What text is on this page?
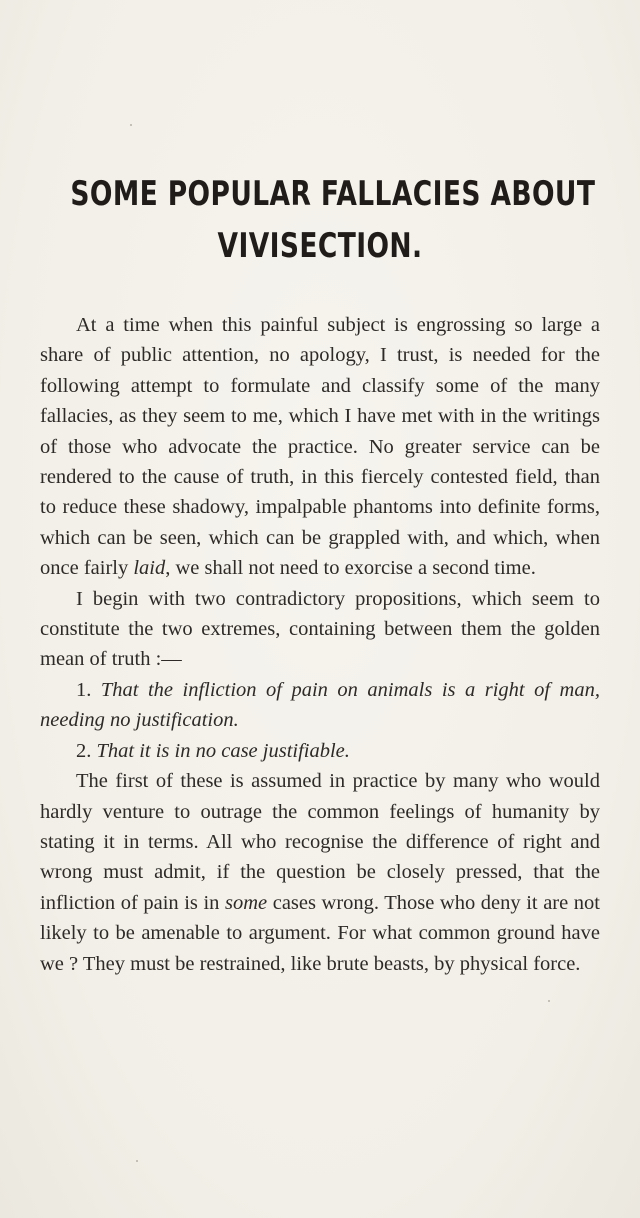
SOME POPULAR FALLACIES ABOUT
VIVISECTION.
At a time when this painful subject is engrossing so large a share of public attention, no apology, I trust, is needed for the following attempt to formulate and classify some of the many fallacies, as they seem to me, which I have met with in the writings of those who advocate the practice. No greater service can be rendered to the cause of truth, in this fiercely contested field, than to reduce these shadowy, impalpable phantoms into definite forms, which can be seen, which can be grappled with, and which, when once fairly laid, we shall not need to exorcise a second time.
I begin with two contradictory propositions, which seem to constitute the two extremes, containing between them the golden mean of truth :—
1. That the infliction of pain on animals is a right of man, needing no justification.
2. That it is in no case justifiable.
The first of these is assumed in practice by many who would hardly venture to outrage the common feelings of humanity by stating it in terms. All who recognise the difference of right and wrong must admit, if the question be closely pressed, that the infliction of pain is in some cases wrong. Those who deny it are not likely to be amenable to argument. For what common ground have we ? They must be restrained, like brute beasts, by physical force.
